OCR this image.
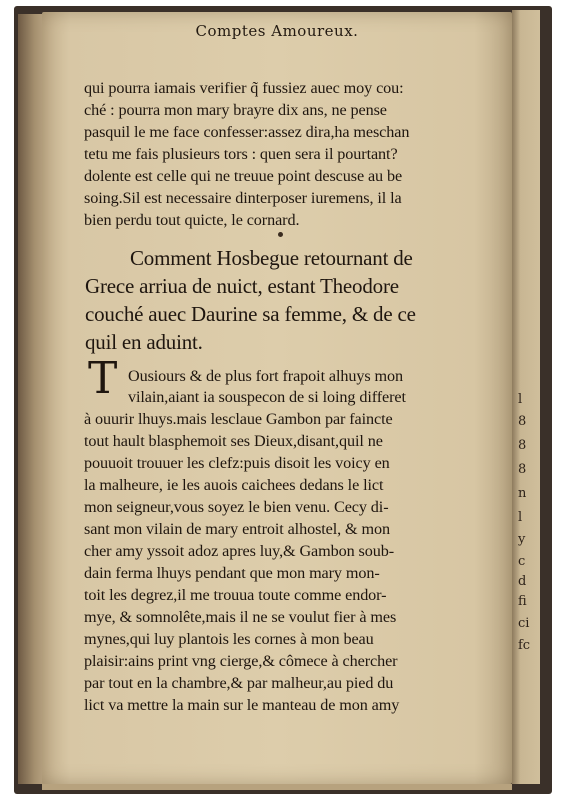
l
8
8
8
n
l
y
c
d
fi
ci
fc
Comptes Amoureux.
qui pourra iamais verifier q̃ fussiez auec moy cou:
ché : pourra mon mary brayre dix ans, ne pense
pasquil le me face confesser:assez dira,ha meschan
tetu me fais plusieurs tors : quen sera il pourtant?
dolente est celle qui ne treuue point descuse au be
soing.Sil est necessaire dinterposer iuremens, il la
bien perdu tout quicte, le cornard.
Comment Hosbegue retournant de
Grece arriua de nuict, estant Theodore
couché auec Daurine sa femme, & de ce
quil en aduint.
T Ousiours & de plus fort frapoit alhuys mon
vilain,aiant ia souspecon de si loing differet
à ouurir lhuys.mais lesclaue Gambon par faincte
tout hault blasphemoit ses Dieux,disant,quil ne
pouuoit trouuer les clefz:puis disoit les voicy en
la malheure, ie les auois caichees dedans le lict
mon seigneur,vous soyez le bien venu. Cecy di-
sant mon vilain de mary entroit alhostel, & mon
cher amy yssoit adoz apres luy,& Gambon soub-
dain ferma lhuys pendant que mon mary mon-
toit les degrez,il me trouua toute comme endor-
mye, & somnolête,mais il ne se voulut fier à mes
mynes,qui luy plantois les cornes à mon beau
plaisir:ains print vng cierge,& cômece à chercher
par tout en la chambre,& par malheur,au pied du
lict va mettre la main sur le manteau de mon amy
